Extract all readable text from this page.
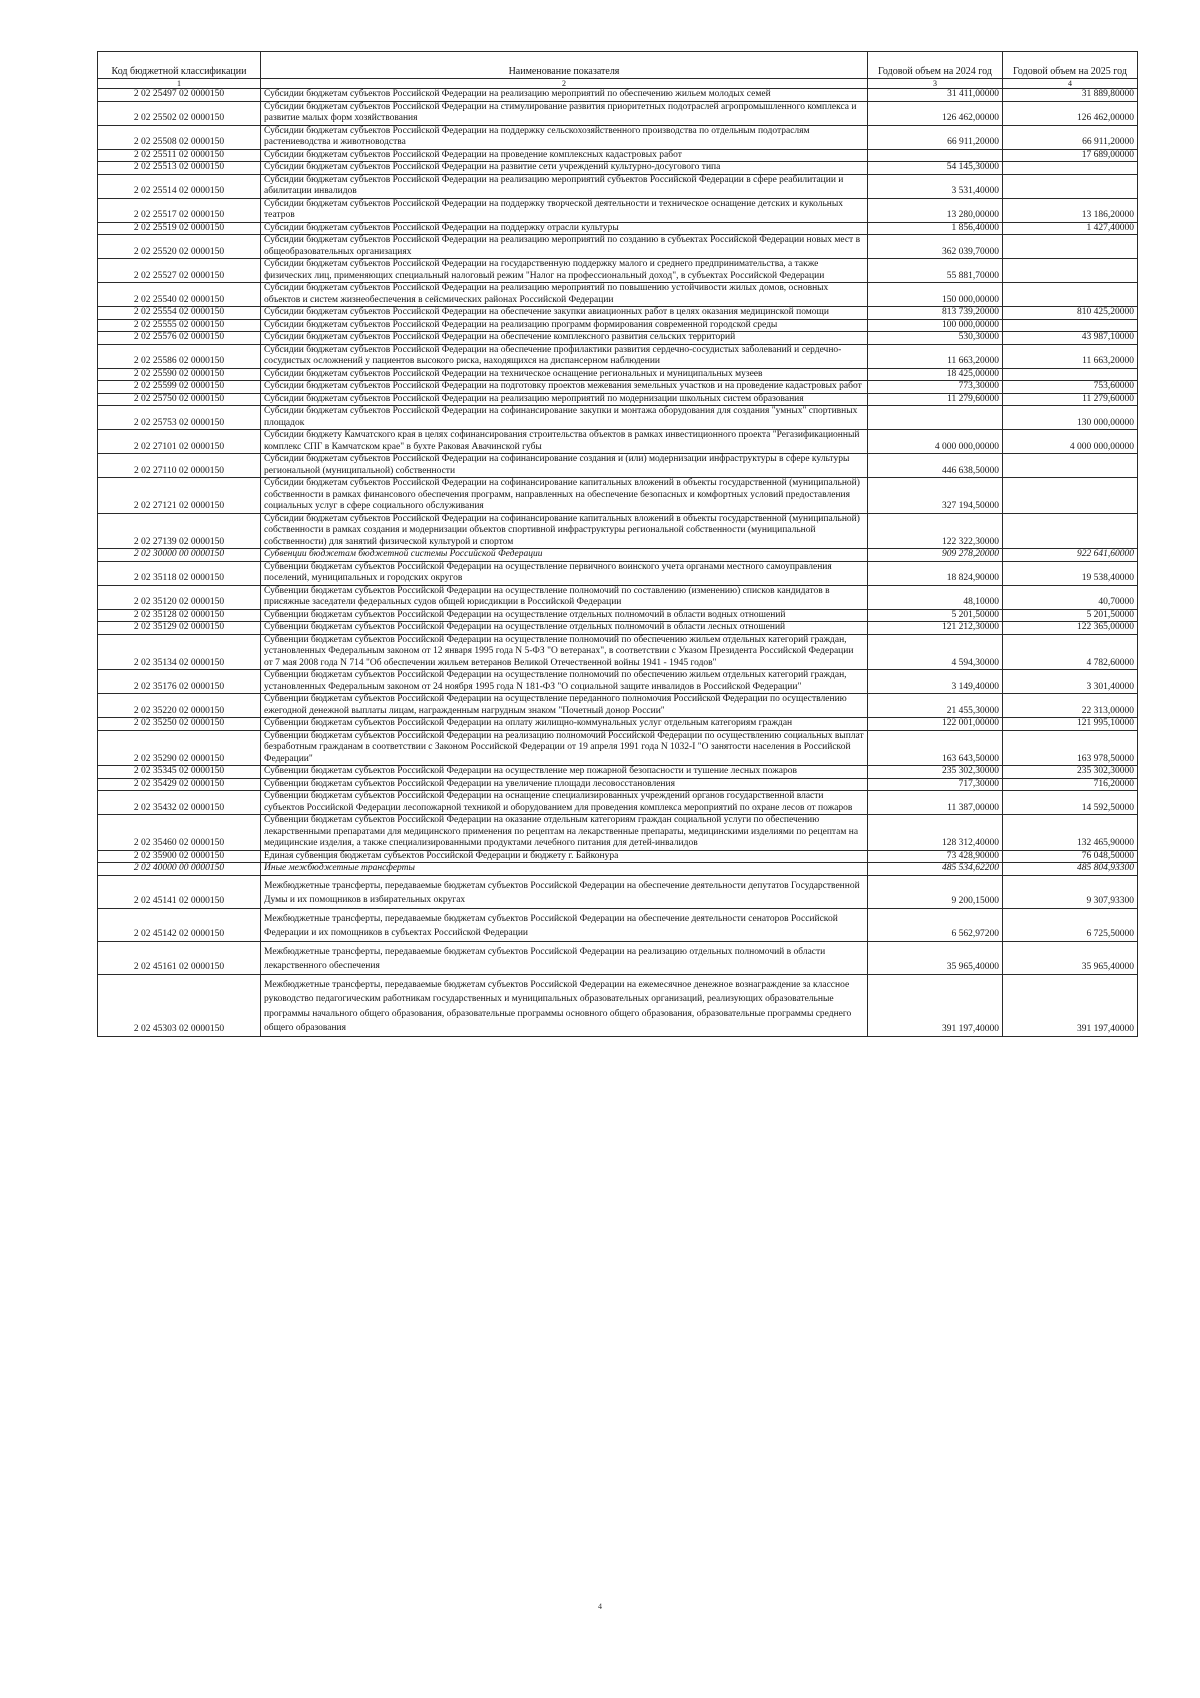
Код бюджетной классификации	Наименование показателя	Годовой объем на 2024 год	Годовой объем на 2025 год
1	2	3	4
2 02 25497 02 0000150	Субсидии бюджетам субъектов Российской Федерации на реализацию мероприятий по обеспечению жильем молодых семей	31 411,00000	31 889,80000
2 02 25502 02 0000150	Субсидии бюджетам субъектов Российской Федерации на стимулирование развития приоритетных подотраслей агропромышленного комплекса и развитие малых форм хозяйствования	126 462,00000	126 462,00000
2 02 25508 02 0000150	Субсидии бюджетам субъектов Российской Федерации на поддержку сельскохозяйственного производства по отдельным подотраслям растениеводства и животноводства	66 911,20000	66 911,20000
2 02 25511 02 0000150	Субсидии бюджетам субъектов Российской Федерации на проведение комплексных кадастровых работ		17 689,00000
2 02 25513 02 0000150	Субсидии бюджетам субъектов Российской Федерации на развитие сети учреждений культурно-досугового типа	54 145,30000	
2 02 25514 02 0000150	Субсидии бюджетам субъектов Российской Федерации на реализацию мероприятий субъектов Российской Федерации в сфере реабилитации и абилитации инвалидов	3 531,40000	
2 02 25517 02 0000150	Субсидии бюджетам субъектов Российской Федерации на поддержку творческой деятельности и техническое оснащение детских и кукольных театров	13 280,00000	13 186,20000
2 02 25519 02 0000150	Субсидии бюджетам субъектов Российской Федерации на поддержку отрасли культуры	1 856,40000	1 427,40000
2 02 25520 02 0000150	Субсидии бюджетам субъектов Российской Федерации на реализацию мероприятий по созданию в субъектах Российской Федерации новых мест в общеобразовательных организациях	362 039,70000	
2 02 25527 02 0000150	Субсидии бюджетам субъектов Российской Федерации на государственную поддержку малого и среднего предпринимательства, а также физических лиц, применяющих специальный налоговый режим "Налог на профессиональный доход", в субъектах Российской Федерации	55 881,70000	
2 02 25540 02 0000150	Субсидии бюджетам субъектов Российской Федерации на реализацию мероприятий по повышению устойчивости жилых домов, основных объектов и систем жизнеобеспечения в сейсмических районах Российской Федерации	150 000,00000	
2 02 25554 02 0000150	Субсидии бюджетам субъектов Российской Федерации на обеспечение закупки авиационных работ в целях оказания медицинской помощи	813 739,20000	810 425,20000
2 02 25555 02 0000150	Субсидии бюджетам субъектов Российской Федерации на реализацию программ формирования современной городской среды	100 000,00000	
2 02 25576 02 0000150	Субсидии бюджетам субъектов Российской Федерации на обеспечение комплексного развития сельских территорий	530,30000	43 987,10000
2 02 25586 02 0000150	Субсидии бюджетам субъектов Российской Федерации на обеспечение профилактики развития сердечно-сосудистых заболеваний и сердечно-сосудистых осложнений у пациентов высокого риска, находящихся на диспансерном наблюдении	11 663,20000	11 663,20000
2 02 25590 02 0000150	Субсидии бюджетам субъектов Российской Федерации на техническое оснащение региональных и муниципальных музеев	18 425,00000	
2 02 25599 02 0000150	Субсидии бюджетам субъектов Российской Федерации на подготовку проектов межевания земельных участков и на проведение кадастровых работ	773,30000	753,60000
2 02 25750 02 0000150	Субсидии бюджетам субъектов Российской Федерации на реализацию мероприятий по модернизации школьных систем образования	11 279,60000	11 279,60000
2 02 25753 02 0000150	Субсидии бюджетам субъектов Российской Федерации на софинансирование закупки и монтажа оборудования для создания "умных" спортивных площадок		130 000,00000
2 02 27101 02 0000150	Субсидии бюджету Камчатского края в целях софинансирования строительства объектов в рамках инвестиционного проекта "Регазификационный комплекс СПГ в Камчатском крае" в бухте Раковая Авачинской губы	4 000 000,00000	4 000 000,00000
2 02 27110 02 0000150	Субсидии бюджетам субъектов Российской Федерации на софинансирование создания и (или) модернизации инфраструктуры в сфере культуры региональной (муниципальной) собственности	446 638,50000	
2 02 27121 02 0000150	Субсидии бюджетам субъектов Российской Федерации на софинансирование капитальных вложений в объекты государственной (муниципальной) собственности в рамках финансового обеспечения программ, направленных на обеспечение безопасных и комфортных условий предоставления социальных услуг в сфере социального обслуживания	327 194,50000	
2 02 27139 02 0000150	Субсидии бюджетам субъектов Российской Федерации на софинансирование капитальных вложений в объекты государственной (муниципальной) собственности в рамках создания и модернизации объектов спортивной инфраструктуры региональной собственности (муниципальной собственности) для занятий физической культурой и спортом	122 322,30000	
2 02 30000 00 0000150	Субвенции бюджетам бюджетной системы Российской Федерации	909 278,20000	922 641,60000
2 02 35118 02 0000150	Субвенции бюджетам субъектов Российской Федерации на осуществление первичного воинского учета органами местного самоуправления поселений, муниципальных и городских округов	18 824,90000	19 538,40000
2 02 35120 02 0000150	Субвенции бюджетам субъектов Российской Федерации на осуществление полномочий по составлению (изменению) списков кандидатов в присяжные заседатели федеральных судов общей юрисдикции в Российской Федерации	48,10000	40,70000
2 02 35128 02 0000150	Субвенции бюджетам субъектов Российской Федерации на осуществление отдельных полномочий в области водных отношений	5 201,50000	5 201,50000
2 02 35129 02 0000150	Субвенции бюджетам субъектов Российской Федерации на осуществление отдельных полномочий в области лесных отношений	121 212,30000	122 365,00000
2 02 35134 02 0000150	Субвенции бюджетам субъектов Российской Федерации на осуществление полномочий по обеспечению жильем отдельных категорий граждан, установленных Федеральным законом от 12 января 1995 года N 5-ФЗ "О ветеранах", в соответствии с Указом Президента Российской Федерации от 7 мая 2008 года N 714 "Об обеспечении жильем ветеранов Великой Отечественной войны 1941 - 1945 годов"	4 594,30000	4 782,60000
2 02 35176 02 0000150	Субвенции бюджетам субъектов Российской Федерации на осуществление полномочий по обеспечению жильем отдельных категорий граждан, установленных Федеральным законом от 24 ноября 1995 года N 181-ФЗ "О социальной защите инвалидов в Российской Федерации"	3 149,40000	3 301,40000
2 02 35220 02 0000150	Субвенции бюджетам субъектов Российской Федерации на осуществление переданного полномочия Российской Федерации по осуществлению ежегодной денежной выплаты лицам, награжденным нагрудным знаком "Почетный донор России"	21 455,30000	22 313,00000
2 02 35250 02 0000150	Субвенции бюджетам субъектов Российской Федерации на оплату жилищно-коммунальных услуг отдельным категориям граждан	122 001,00000	121 995,10000
2 02 35290 02 0000150	Субвенции бюджетам субъектов Российской Федерации на реализацию полномочий Российской Федерации по осуществлению социальных выплат безработным гражданам в соответствии с Законом Российской Федерации от 19 апреля 1991 года N 1032-I "О занятости населения в Российской Федерации"	163 643,50000	163 978,50000
2 02 35345 02 0000150	Субвенции бюджетам субъектов Российской Федерации на осуществление мер пожарной безопасности и тушение лесных пожаров	235 302,30000	235 302,30000
2 02 35429 02 0000150	Субвенции бюджетам субъектов Российской Федерации на увеличение площади лесовосстановления	717,30000	716,20000
2 02 35432 02 0000150	Субвенции бюджетам субъектов Российской Федерации на оснащение специализированных учреждений органов государственной власти субъектов Российской Федерации лесопожарной техникой и оборудованием для проведения комплекса мероприятий по охране лесов от пожаров	11 387,00000	14 592,50000
2 02 35460 02 0000150	Субвенции бюджетам субъектов Российской Федерации на оказание отдельным категориям граждан социальной услуги по обеспечению лекарственными препаратами для медицинского применения по рецептам на лекарственные препараты, медицинскими изделиями по рецептам на медицинские изделия, а также специализированными продуктами лечебного питания для детей-инвалидов	128 312,40000	132 465,90000
2 02 35900 02 0000150	Единая субвенция бюджетам субъектов Российской Федерации и бюджету г. Байконура	73 428,90000	76 048,50000
2 02 40000 00 0000150	Иные межбюджетные трансферты	485 534,62200	485 804,93300
2 02 45141 02 0000150	Межбюджетные трансферты, передаваемые бюджетам субъектов Российской Федерации на обеспечение деятельности депутатов Государственной Думы и их помощников в избирательных округах	9 200,15000	9 307,93300
2 02 45142 02 0000150	Межбюджетные трансферты, передаваемые бюджетам субъектов Российской Федерации на обеспечение деятельности сенаторов Российской Федерации и их помощников в субъектах Российской Федерации	6 562,97200	6 725,50000
2 02 45161 02 0000150	Межбюджетные трансферты, передаваемые бюджетам субъектов Российской Федерации на реализацию отдельных полномочий в области лекарственного обеспечения	35 965,40000	35 965,40000
2 02 45303 02 0000150	Межбюджетные трансферты, передаваемые бюджетам субъектов Российской Федерации на ежемесячное денежное вознаграждение за классное руководство педагогическим работникам государственных и муниципальных образовательных организаций, реализующих образовательные программы начального общего образования, образовательные программы основного общего образования, образовательные программы среднего общего образования	391 197,40000	391 197,40000
4
